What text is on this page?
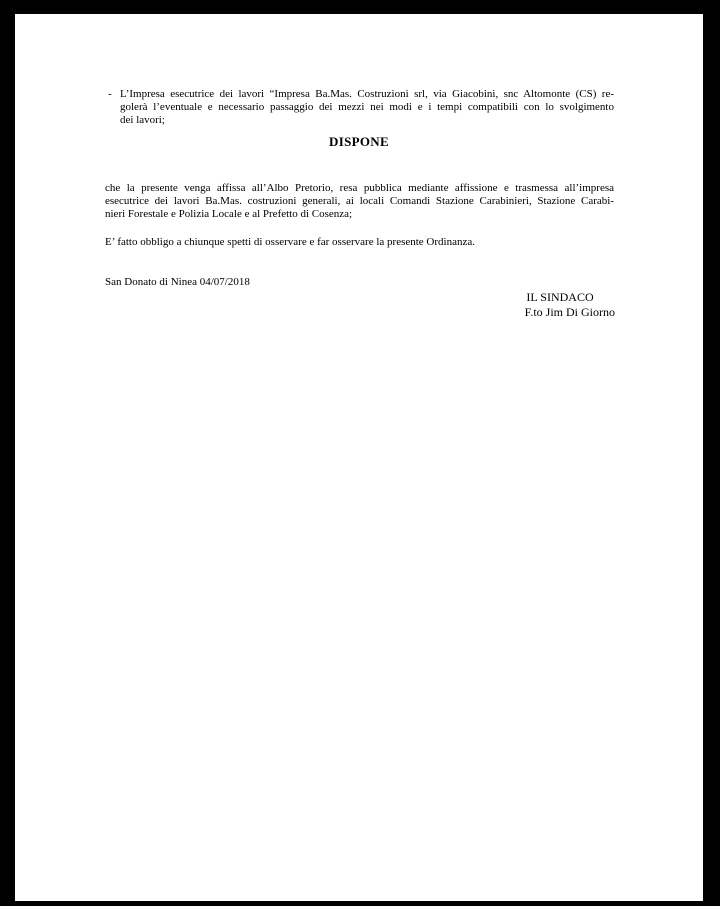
- L’Impresa esecutrice dei lavori “Impresa Ba.Mas. Costruzioni srl, via Giacobini, snc Altomonte (CS) re-
golerà l’eventuale e necessario passaggio dei mezzi nei modi e i tempi compatibili con lo svolgimento
dei lavori;
DISPONE
che la presente venga affissa all’Albo Pretorio, resa pubblica mediante affissione e trasmessa all’impresa
esecutrice dei lavori Ba.Mas. costruzioni generali, ai locali Comandi Stazione Carabinieri, Stazione Carabi-
nieri Forestale e Polizia Locale e al Prefetto di Cosenza;
E’ fatto obbligo a chiunque spetti di osservare e far osservare la presente Ordinanza.
San Donato di Ninea 04/07/2018
IL SINDACO
F.to Jim Di Giorno
